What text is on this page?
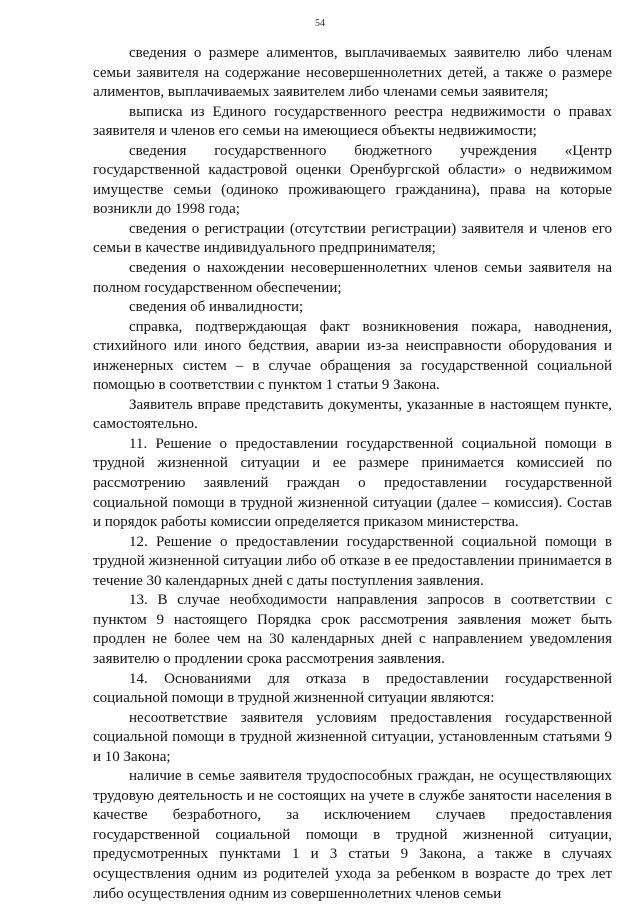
54

сведения о размере алиментов, выплачиваемых заявителю либо членам семьи заявителя на содержание несовершеннолетних детей, а также о размере алиментов, выплачиваемых заявителем либо членами семьи заявителя;

выписка из Единого государственного реестра недвижимости о правах заявителя и членов его семьи на имеющиеся объекты недвижимости;

сведения государственного бюджетного учреждения «Центр государственной кадастровой оценки Оренбургской области» о недвижимом имуществе семьи (одиноко проживающего гражданина), права на которые возникли до 1998 года;

сведения о регистрации (отсутствии регистрации) заявителя и членов его семьи в качестве индивидуального предпринимателя;

сведения о нахождении несовершеннолетних членов семьи заявителя на полном государственном обеспечении;

сведения об инвалидности;

справка, подтверждающая факт возникновения пожара, наводнения, стихийного или иного бедствия, аварии из-за неисправности оборудования и инженерных систем – в случае обращения за государственной социальной помощью в соответствии с пунктом 1 статьи 9 Закона.

Заявитель вправе представить документы, указанные в настоящем пункте, самостоятельно.

11. Решение о предоставлении государственной социальной помощи в трудной жизненной ситуации и ее размере принимается комиссией по рассмотрению заявлений граждан о предоставлении государственной социальной помощи в трудной жизненной ситуации (далее – комиссия). Состав и порядок работы комиссии определяется приказом министерства.

12. Решение о предоставлении государственной социальной помощи в трудной жизненной ситуации либо об отказе в ее предоставлении принимается в течение 30 календарных дней с даты поступления заявления.

13. В случае необходимости направления запросов в соответствии с пунктом 9 настоящего Порядка срок рассмотрения заявления может быть продлен не более чем на 30 календарных дней с направлением уведомления заявителю о продлении срока рассмотрения заявления.

14. Основаниями для отказа в предоставлении государственной социальной помощи в трудной жизненной ситуации являются:

несоответствие заявителя условиям предоставления государственной социальной помощи в трудной жизненной ситуации, установленным статьями 9 и 10 Закона;

наличие в семье заявителя трудоспособных граждан, не осуществляющих трудовую деятельность и не состоящих на учете в службе занятости населения в качестве безработного, за исключением случаев предоставления государственной социальной помощи в трудной жизненной ситуации, предусмотренных пунктами 1 и 3 статьи 9 Закона, а также в случаях осуществления одним из родителей ухода за ребенком в возрасте до трех лет либо осуществления одним из совершеннолетних членов семьи
